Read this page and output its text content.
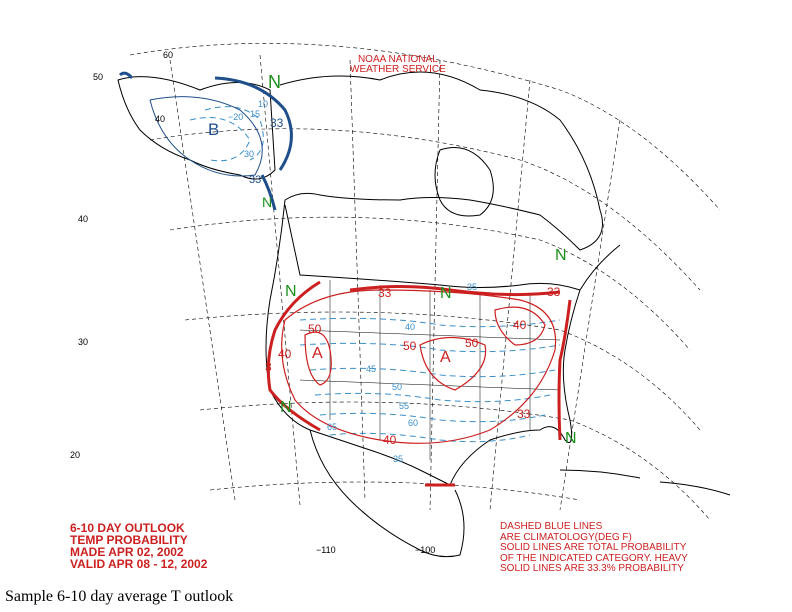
50
40
30
20
60
40
−110	−100
N
B
N
N
N
N
N
N
A	A
33
33
33	33
3
33
50
50	50
40
40
40
10
15
−20
30
35
40
45
50
55
60
65
35
NOAA NATIONAL
WEATHER SERVICE
6-10 DAY OUTLOOK
TEMP PROBABILITY
MADE APR 02, 2002
VALID APR 08 - 12, 2002
DASHED BLUE LINES
ARE CLIMATOLOGY(DEG F)
SOLID LINES ARE TOTAL PROBABILITY
OF THE INDICATED CATEGORY. HEAVY
SOLID LINES ARE 33.3% PROBABILITY
Sample 6-10 day average T outlook
